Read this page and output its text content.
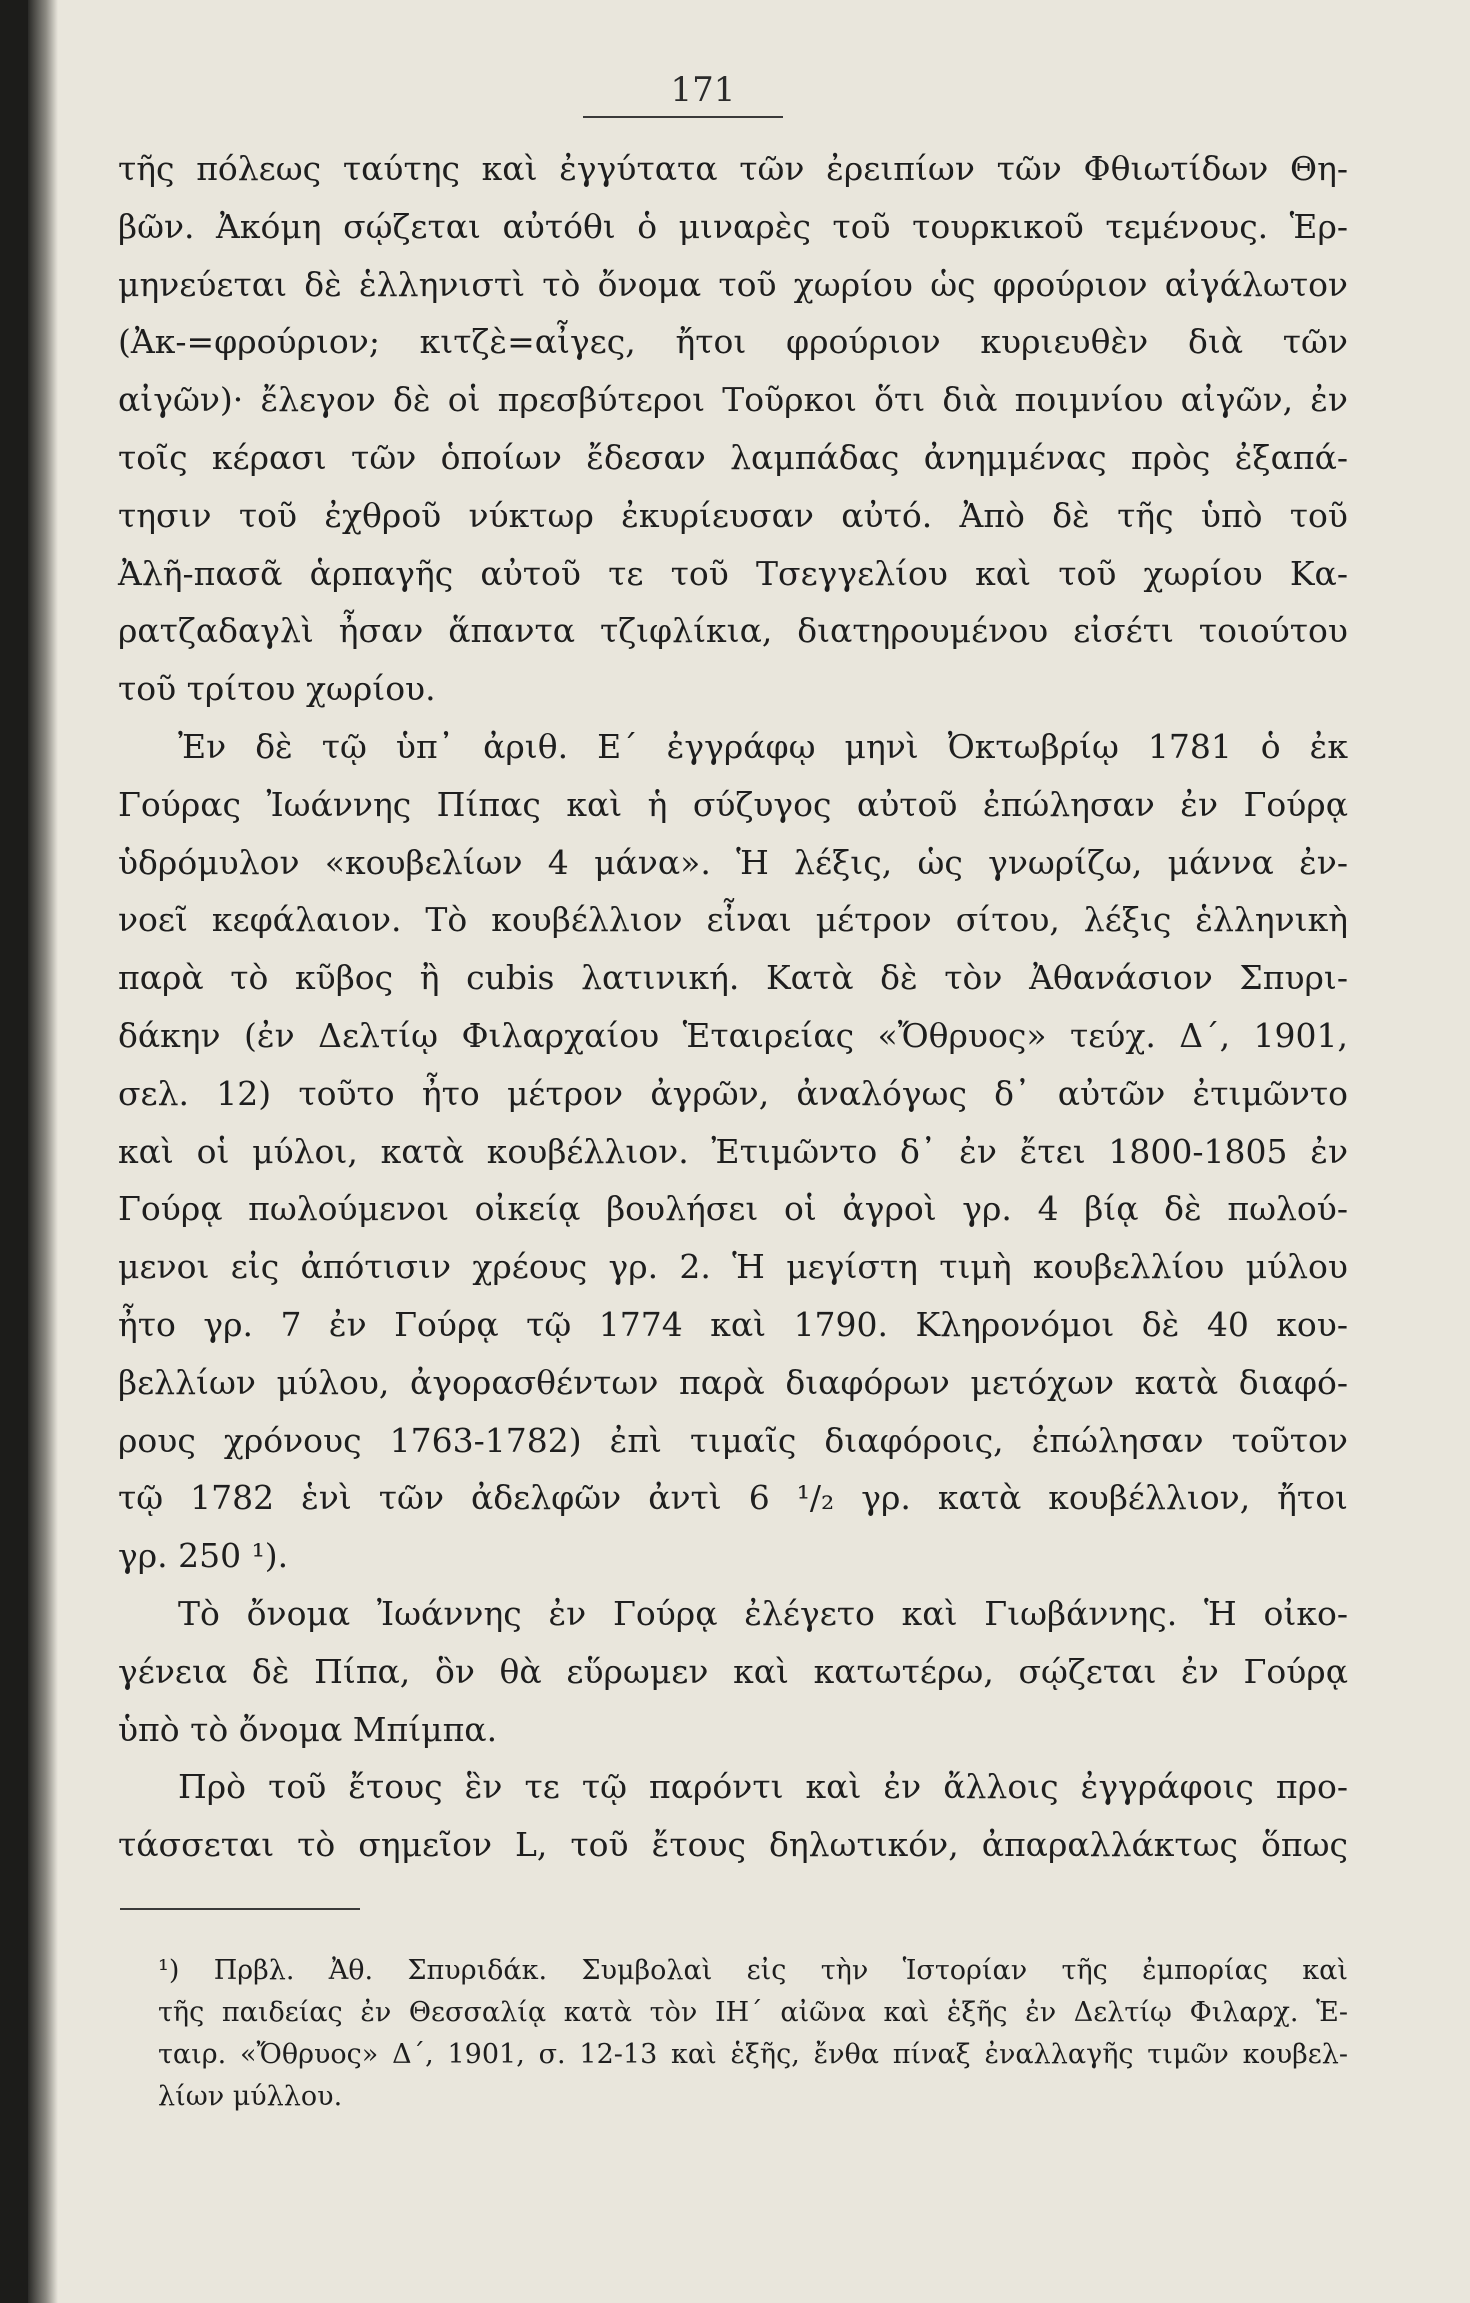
171

τῆς πόλεως ταύτης καὶ ἐγγύτατα τῶν ἐρειπίων τῶν Φθιωτίδων Θη-
βῶν. Ἀκόμη σῴζεται αὐτόθι ὁ μιναρὲς τοῦ τουρκικοῦ τεμένους. Ἑρ-
μηνεύεται δὲ ἑλληνιστὶ τὸ ὄνομα τοῦ χωρίου ὡς φρούριον αἰγάλωτον
(Ἀκ-=φρούριον; κιτζὲ=αἶγες, ἤτοι φρούριον κυριευθὲν διὰ τῶν
αἰγῶν)· ἔλεγον δὲ οἱ πρεσβύτεροι Τοῦρκοι ὅτι διὰ ποιμνίου αἰγῶν, ἐν
τοῖς κέρασι τῶν ὁποίων ἔδεσαν λαμπάδας ἀνημμένας πρὸς ἐξαπά-
τησιν τοῦ ἐχθροῦ νύκτωρ ἐκυρίευσαν αὐτό. Ἀπὸ δὲ τῆς ὑπὸ τοῦ
Ἀλῆ-πασᾶ ἁρπαγῆς αὐτοῦ τε τοῦ Τσεγγελίου καὶ τοῦ χωρίου Κα-
ρατζαδαγλὶ ἦσαν ἅπαντα τζιφλίκια, διατηρουμένου εἰσέτι τοιούτου
τοῦ τρίτου χωρίου.

Ἐν δὲ τῷ ὑπ᾽ ἀριθ. Ε´ ἐγγράφῳ μηνὶ Ὀκτωβρίῳ 1781 ὁ ἐκ
Γούρας Ἰωάννης Πίπας καὶ ἡ σύζυγος αὐτοῦ ἐπώλησαν ἐν Γούρᾳ
ὑδρόμυλον «κουβελίων 4 μάνα». Ἡ λέξις, ὡς γνωρίζω, μάννα ἐν-
νοεῖ κεφάλαιον. Τὸ κουβέλλιον εἶναι μέτρον σίτου, λέξις ἑλληνικὴ
παρὰ τὸ κῦβος ἢ cubis λατινική. Κατὰ δὲ τὸν Ἀθανάσιον Σπυρι-
δάκην (ἐν Δελτίῳ Φιλαρχαίου Ἑταιρείας «Ὄθρυος» τεύχ. Δ´, 1901,
σελ. 12) τοῦτο ἦτο μέτρον ἀγρῶν, ἀναλόγως δ᾽ αὐτῶν ἐτιμῶντο
καὶ οἱ μύλοι, κατὰ κουβέλλιον. Ἐτιμῶντο δ᾽ ἐν ἔτει 1800-1805 ἐν
Γούρᾳ πωλούμενοι οἰκείᾳ βουλήσει οἱ ἀγροὶ γρ. 4 βίᾳ δὲ πωλού-
μενοι εἰς ἀπότισιν χρέους γρ. 2. Ἡ μεγίστη τιμὴ κουβελλίου μύλου
ἦτο γρ. 7 ἐν Γούρᾳ τῷ 1774 καὶ 1790. Κληρονόμοι δὲ 40 κου-
βελλίων μύλου, ἀγορασθέντων παρὰ διαφόρων μετόχων κατὰ διαφό-
ρους χρόνους 1763-1782) ἐπὶ τιμαῖς διαφόροις, ἐπώλησαν τοῦτον
τῷ 1782 ἑνὶ τῶν ἀδελφῶν ἀντὶ 6 ¹/₂ γρ. κατὰ κουβέλλιον, ἤτοι
γρ. 250 ¹).

Τὸ ὄνομα Ἰωάννης ἐν Γούρᾳ ἐλέγετο καὶ Γιωβάννης. Ἡ οἰκο-
γένεια δὲ Πίπα, ὃν θὰ εὕρωμεν καὶ κατωτέρω, σῴζεται ἐν Γούρᾳ
ὑπὸ τὸ ὄνομα Μπίμπα.

Πρὸ τοῦ ἔτους ἓν τε τῷ παρόντι καὶ ἐν ἄλλοις ἐγγράφοις προ-
τάσσεται τὸ σημεῖον L, τοῦ ἔτους δηλωτικόν, ἀπαραλλάκτως ὅπως

¹) Πρβλ. Ἀθ. Σπυριδάκ. Συμβολαὶ εἰς τὴν Ἱστορίαν τῆς ἐμπορίας καὶ
τῆς παιδείας ἐν Θεσσαλίᾳ κατὰ τὸν ΙΗ´ αἰῶνα καὶ ἑξῆς ἐν Δελτίῳ Φιλαρχ. Ἑ-
ταιρ. «Ὄθρυος» Δ´, 1901, σ. 12-13 καὶ ἑξῆς, ἔνθα πίναξ ἐναλλαγῆς τιμῶν κουβελ-
λίων μύλλου.
